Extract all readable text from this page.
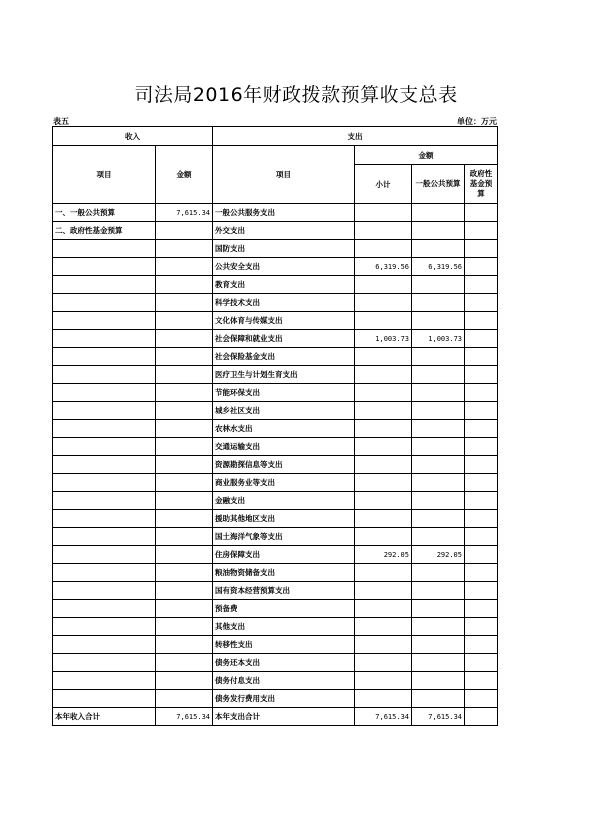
司法局2016年财政拨款预算收支总表
表五	单位：万元
收入		支出			
项目	金额	项目	金额		
			小计	一般公共预算	政府性基金预算
一、一般公共预算	7,615.34	一般公共服务支出			
二、政府性基金预算		外交支出			
		国防支出			
		公共安全支出	6,319.56	6,319.56	
		教育支出			
		科学技术支出			
		文化体育与传媒支出			
		社会保障和就业支出	1,003.73	1,003.73	
		社会保险基金支出			
		医疗卫生与计划生育支出			
		节能环保支出			
		城乡社区支出			
		农林水支出			
		交通运输支出			
		资源勘探信息等支出			
		商业服务业等支出			
		金融支出			
		援助其他地区支出			
		国土海洋气象等支出			
		住房保障支出	292.05	292.05	
		粮油物资储备支出			
		国有资本经营预算支出			
		预备费			
		其他支出			
		转移性支出			
		债务还本支出			
		债务付息支出			
		债务发行费用支出			
本年收入合计	7,615.34	本年支出合计	7,615.34	7,615.34	
